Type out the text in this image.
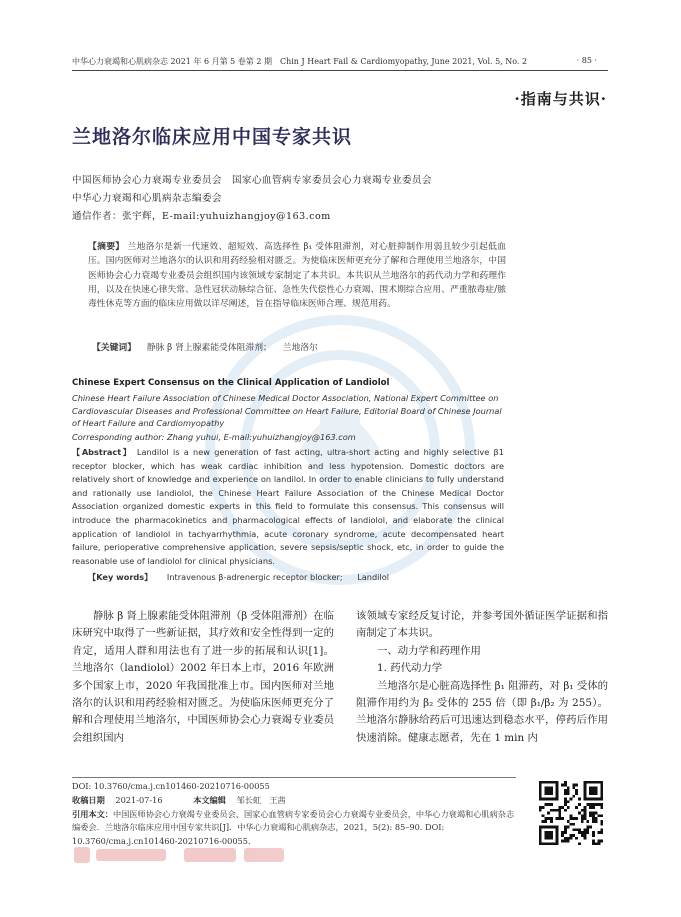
中华心力衰竭和心肌病杂志 2021 年 6 月第 5 卷第 2 期　Chin J Heart Fail & Cardiomyopathy, June 2021, Vol. 5, No. 2	· 85 ·
·指南与共识·
兰地洛尔临床应用中国专家共识
中国医师协会心力衰竭专业委员会　国家心血管病专家委员会心力衰竭专业委员会
中华心力衰竭和心肌病杂志编委会
通信作者：张宇辉，E-mail:yuhuizhangjoy@163.com
【摘要】 兰地洛尔是新一代速效、超短效、高选择性 β₁ 受体阻滞剂，对心脏抑制作用弱且较少引起低血压。国内医师对兰地洛尔的认识和用药经验相对匮乏。为使临床医师更充分了解和合理使用兰地洛尔，中国医师协会心力衰竭专业委员会组织国内该领域专家制定了本共识。本共识从兰地洛尔的药代动力学和药理作用，以及在快速心律失常、急性冠状动脉综合征、急性失代偿性心力衰竭、围术期综合应用、严重脓毒症/脓毒性休克等方面的临床应用做以详尽阐述，旨在指导临床医师合理、规范用药。
【关键词】 静脉 β 肾上腺素能受体阻滞剂； 兰地洛尔
Chinese Expert Consensus on the Clinical Application of Landiolol
Chinese Heart Failure Association of Chinese Medical Doctor Association, National Expert Committee on Cardiovascular Diseases and Professional Committee on Heart Failure, Editorial Board of Chinese Journal of Heart Failure and Cardiomyopathy
Corresponding author: Zhang yuhui, E-mail:yuhuizhangjoy@163.com
【Abstract】 Landilol is a new generation of fast acting, ultra-short acting and highly selective β1 receptor blocker, which has weak cardiac inhibition and less hypotension. Domestic doctors are relatively short of knowledge and experience on landilol. In order to enable clinicians to fully understand and rationally use landiolol, the Chinese Heart Failure Association of the Chinese Medical Doctor Association organized domestic experts in this field to formulate this consensus. This consensus will introduce the pharmacokinetics and pharmacological effects of landiolol, and elaborate the clinical application of landiolol in tachyarrhythmia, acute coronary syndrome, acute decompensated heart failure, perioperative comprehensive application, severe sepsis/septic shock, etc, in order to guide the reasonable use of landiolol for clinical physicians.
【Key words】 Intravenous β-adrenergic receptor blocker; Landilol

静脉 β 肾上腺素能受体阻滞剂（β 受体阻滞剂）在临床研究中取得了一些新证据，其疗效和安全性得到一定的肯定，适用人群和用法也有了进一步的拓展和认识[1]。兰地洛尔（landiolol）2002 年日本上市，2016 年欧洲多个国家上市，2020 年我国批准上市。国内医师对兰地洛尔的认识和用药经验相对匮乏。为使临床医师更充分了解和合理使用兰地洛尔，中国医师协会心力衰竭专业委员会组织国内

该领域专家经反复讨论，并参考国外循证医学证据和指南制定了本共识。

一、动力学和药理作用

1. 药代动力学

兰地洛尔是心脏高选择性 β₁ 阻滞药，对 β₁ 受体的阻滞作用约为 β₂ 受体的 255 倍（即 β₁/β₂ 为 255）。兰地洛尔静脉给药后可迅速达到稳态水平，停药后作用快速消除。健康志愿者，先在 1 min 内

DOI: 10.3760/cma.j.cn101460-20210716-00055
收稿日期 2021-07-16	本文编辑 邹长虹　王茜
引用本文：中国医师协会心力衰竭专业委员会，国家心血管病专家委员会心力衰竭专业委员会，中华心力衰竭和心肌病杂志编委会．兰地洛尔临床应用中国专家共识[J]．中华心力衰竭和心肌病杂志，2021，5(2): 85–90. DOI: 10.3760/cma.j.cn101460-20210716-00055.
